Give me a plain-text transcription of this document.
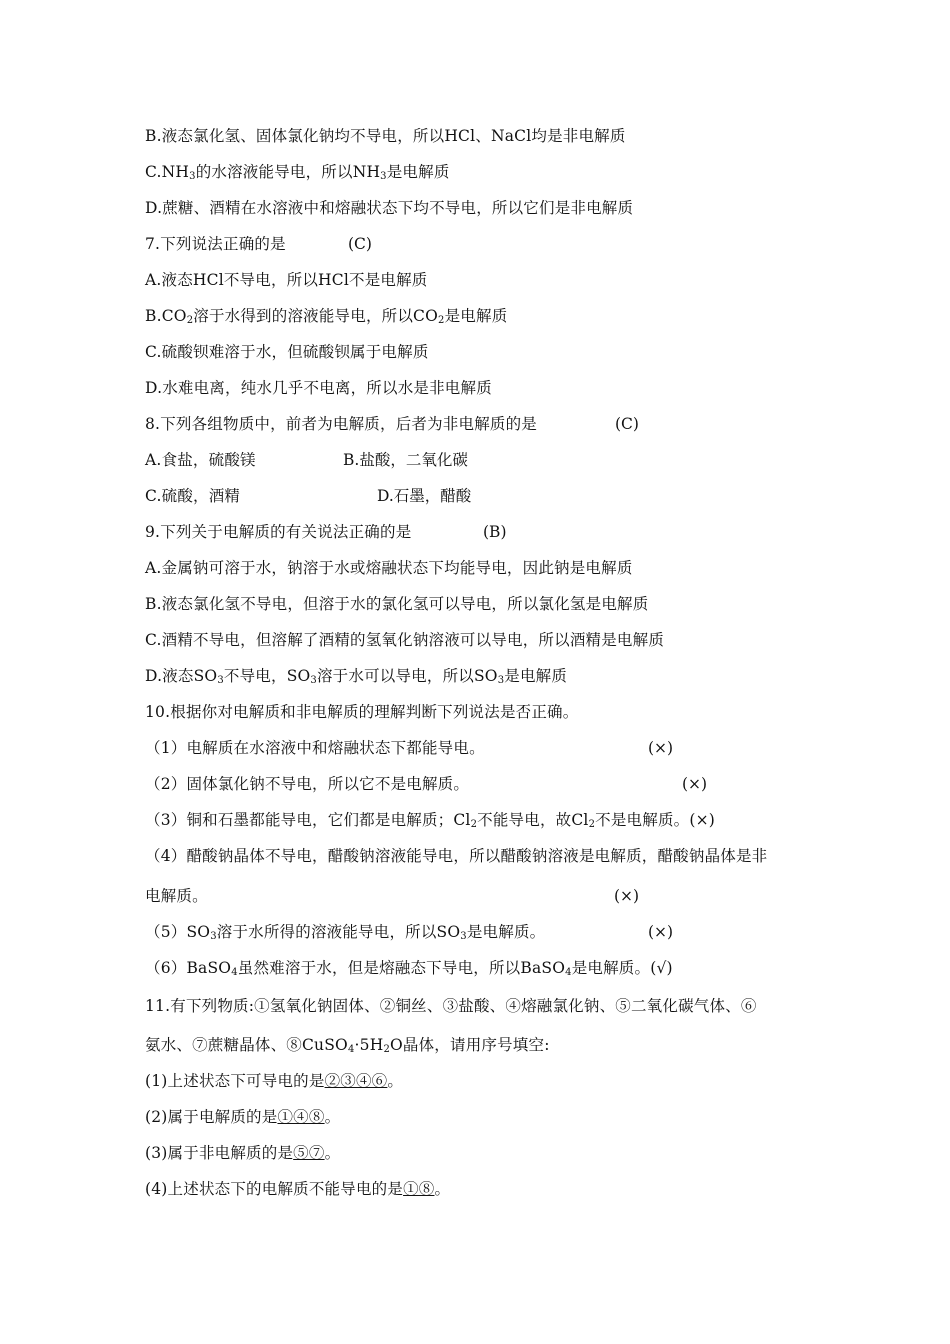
B.液态氯化氢、固体氯化钠均不导电，所以HCl、NaCl均是非电解质
$C.NH_3$的水溶液能导电，所以$NH_3$是电解质
D.蔗糖、酒精在水溶液中和熔融状态下均不导电，所以它们是非电解质
7.下列说法正确的是	(C)
A.液态HCl不导电，所以HCl不是电解质
$B.CO_2$溶于水得到的溶液能导电，所以$CO_2$是电解质
C.硫酸钡难溶于水，但硫酸钡属于电解质
D.水难电离，纯水几乎不电离，所以水是非电解质
8.下列各组物质中，前者为电解质，后者为非电解质的是	(C)
A.食盐，硫酸镁	B.盐酸，二氧化碳
C.硫酸，酒精	D.石墨，醋酸
9.下列关于电解质的有关说法正确的是	(B)
A.金属钠可溶于水，钠溶于水或熔融状态下均能导电，因此钠是电解质
B.液态氯化氢不导电，但溶于水的氯化氢可以导电，所以氯化氢是电解质
C.酒精不导电，但溶解了酒精的氢氧化钠溶液可以导电，所以酒精是电解质
D.液态$SO_3$不导电，$SO_3$溶于水可以导电，所以$SO_3$是电解质
10.根据你对电解质和非电解质的理解判断下列说法是否正确。
（1）电解质在水溶液中和熔融状态下都能导电。	(×)
（2）固体氯化钠不导电，所以它不是电解质。	(×)
（3）铜和石墨都能导电，它们都是电解质；$Cl_2$不能导电，故$Cl_2$不是电解质。(×)
（4）醋酸钠晶体不导电，醋酸钠溶液能导电，所以醋酸钠溶液是电解质，醋酸钠晶体是非
电解质。	(×)
$(5)SO_3$溶于水所得的溶液能导电，所以$SO_3$是电解质。	(×)
（6）BaSO$_4$虽然难溶于水，但是熔融态下导电，所以BaSO$_4$是电解质。(√)
11.有下列物质:①氢氧化钠固体、②铜丝、③盐酸、④熔融氯化钠、⑤二氧化碳气体、⑥
氨水、⑦蔗糖晶体、$⑧CuSO_4\cdot 5H_2O$晶体，请用序号填空:
(1)上述状态下可导电的是②③④⑥。
(2)属于电解质的是①④⑧。
(3)属于非电解质的是⑤⑦。
(4)上述状态下的电解质不能导电的是①⑧。
